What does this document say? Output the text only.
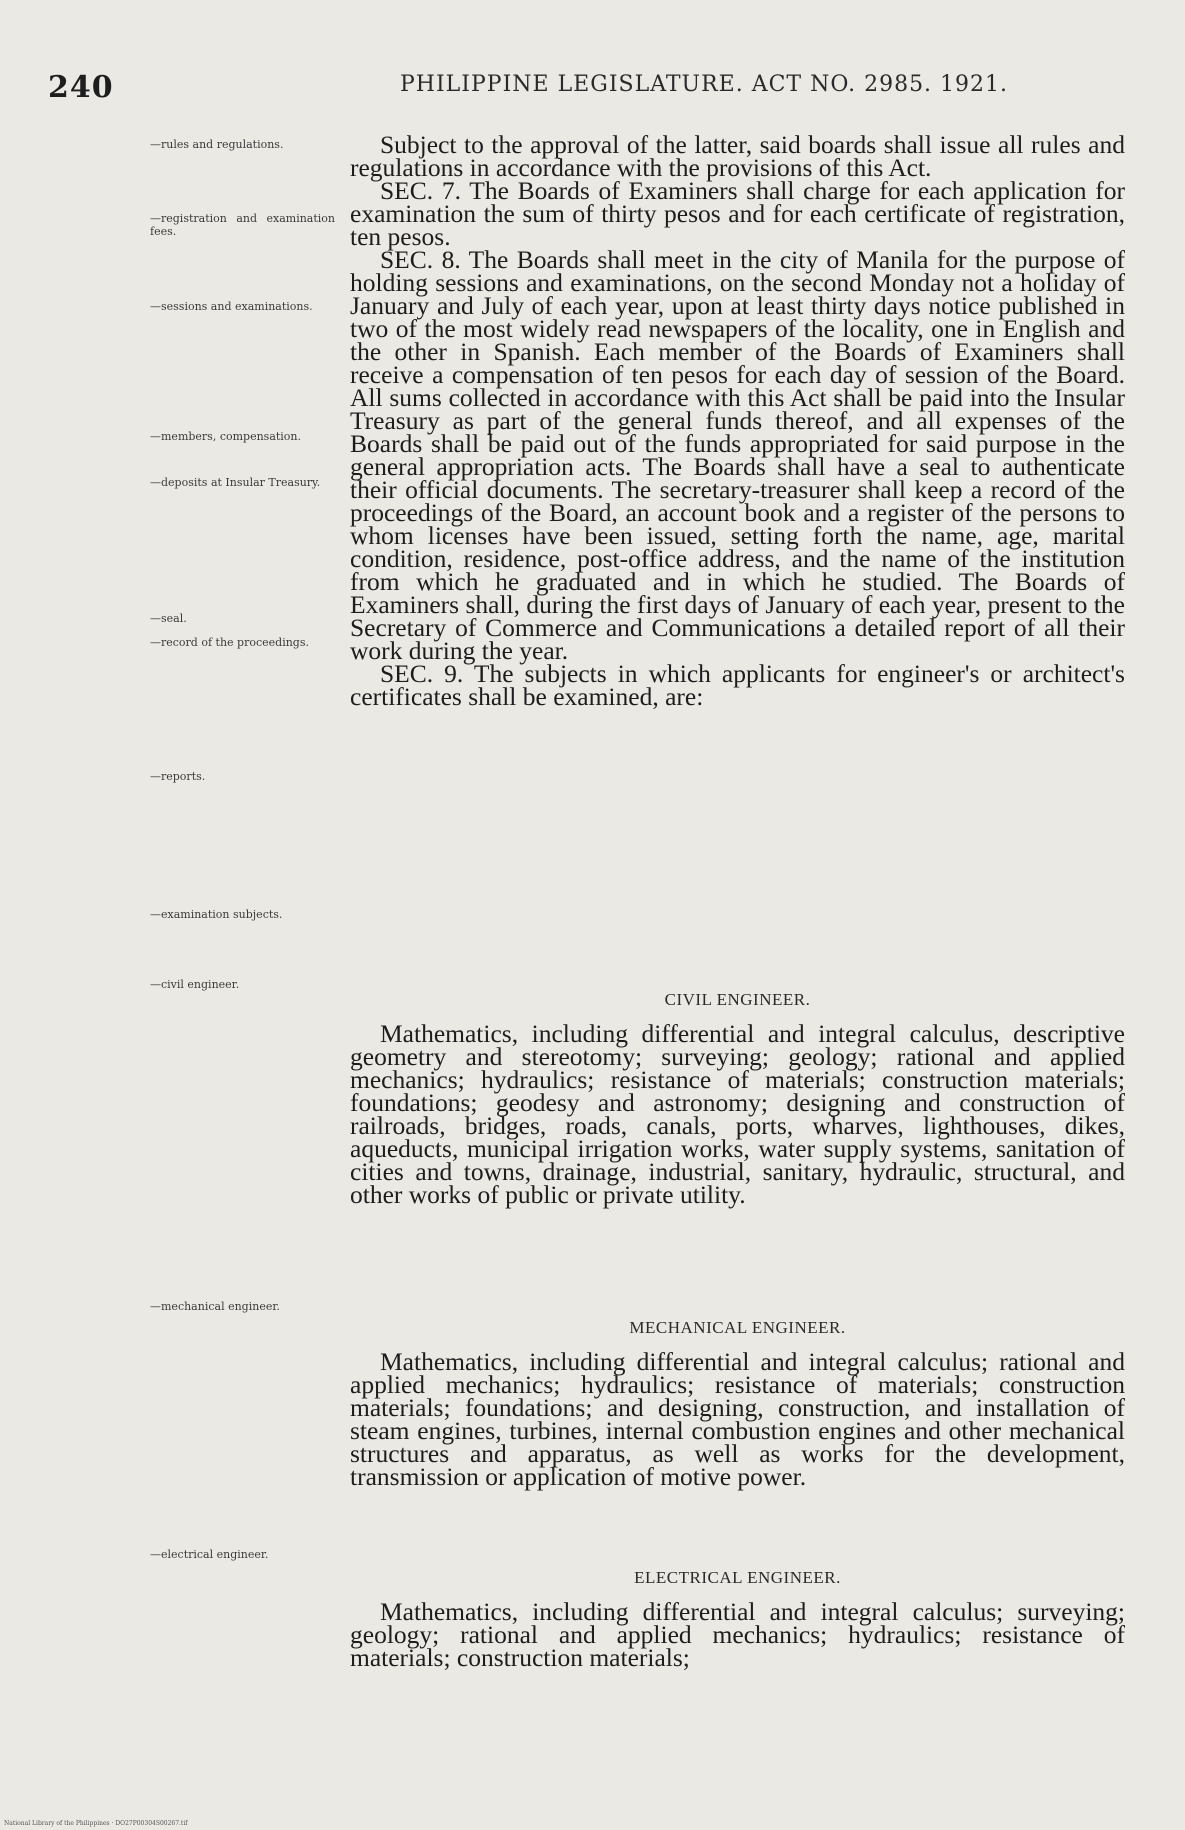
240	PHILIPPINE LEGISLATURE. ACT NO. 2985. 1921.
—rules and regulations.
—registration and examination fees.
—sessions and examinations.
—members, compensation.
—deposits at Insular Treasury.
—seal.
—record of the proceedings.
—reports.
—examination subjects.
—civil engineer.
—mechanical engineer.
—electrical engineer.
Subject to the approval of the latter, said boards shall issue all rules and regulations in accordance with the provisions of this Act.
SEC. 7. The Boards of Examiners shall charge for each application for examination the sum of thirty pesos and for each certificate of registration, ten pesos.
SEC. 8. The Boards shall meet in the city of Manila for the purpose of holding sessions and examinations, on the second Monday not a holiday of January and July of each year, upon at least thirty days notice published in two of the most widely read newspapers of the locality, one in English and the other in Spanish. Each member of the Boards of Examiners shall receive a compensation of ten pesos for each day of session of the Board. All sums collected in accordance with this Act shall be paid into the Insular Treasury as part of the general funds thereof, and all expenses of the Boards shall be paid out of the funds appropriated for said purpose in the general appropriation acts. The Boards shall have a seal to authenticate their official documents. The secretary-treasurer shall keep a record of the proceedings of the Board, an account book and a register of the persons to whom licenses have been issued, setting forth the name, age, marital condition, residence, post-office address, and the name of the institution from which he graduated and in which he studied. The Boards of Examiners shall, during the first days of January of each year, present to the Secretary of Commerce and Communications a detailed report of all their work during the year.
SEC. 9. The subjects in which applicants for engineer's or architect's certificates shall be examined, are:
CIVIL ENGINEER.
Mathematics, including differential and integral calculus, descriptive geometry and stereotomy; surveying; geology; rational and applied mechanics; hydraulics; resistance of materials; construction materials; foundations; geodesy and astronomy; designing and construction of railroads, bridges, roads, canals, ports, wharves, lighthouses, dikes, aqueducts, municipal irrigation works, water supply systems, sanitation of cities and towns, drainage, industrial, sanitary, hydraulic, structural, and other works of public or private utility.
MECHANICAL ENGINEER.
Mathematics, including differential and integral calculus; rational and applied mechanics; hydraulics; resistance of materials; construction materials; foundations; and designing, construction, and installation of steam engines, turbines, internal combustion engines and other mechanical structures and apparatus, as well as works for the development, transmission or application of motive power.
ELECTRICAL ENGINEER.
Mathematics, including differential and integral calculus; surveying; geology; rational and applied mechanics; hydraulics; resistance of materials; construction materials;
National Library of the Philippines · DO27P00304S00267.tif
